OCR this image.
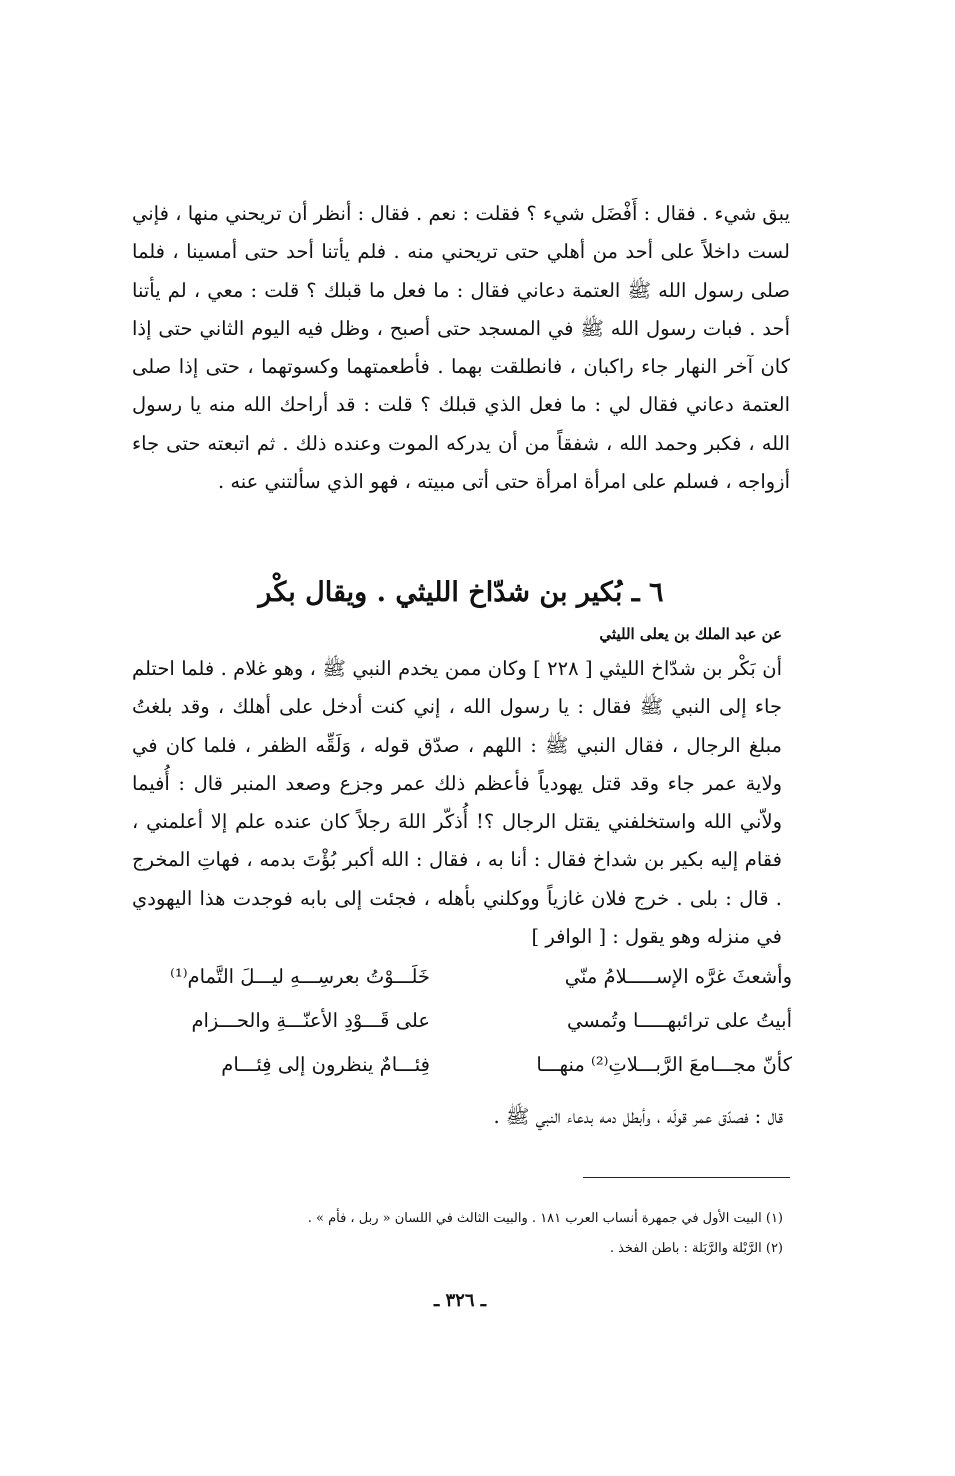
يبق شيء . فقال : أَفْضَل شيء ؟ فقلت : نعم . فقال : أنظر أن تريحني منها ، فإني لست داخلاً على أحد من أهلي حتى تريحني منه . فلم يأتنا أحد حتى أمسينا ، فلما صلى رسول الله ﷺ العتمة دعاني فقال : ما فعل ما قبلك ؟ قلت : معي ، لم يأتنا أحد . فبات رسول الله ﷺ في المسجد حتى أصبح ، وظل فيه اليوم الثاني حتى إذا كان آخر النهار جاء راكبان ، فانطلقت بهما . فأطعمتهما وكسوتهما ، حتى إذا صلى العتمة دعاني فقال لي : ما فعل الذي قبلك ؟ قلت : قد أراحك الله منه يا رسول الله ، فكبر وحمد الله ، شفقاً من أن يدركه الموت وعنده ذلك . ثم اتبعته حتى جاء أزواجه ، فسلم على امرأة امرأة حتى أتى مبيته ، فهو الذي سألتني عنه .
٦ ـ بُكير بن شدّاخ الليثي . ويقال بكْر
عن عبد الملك بن يعلى الليثي
أن بَكْر بن شدّاخ الليثي [ ٢٢٨ ] وكان ممن يخدم النبي ﷺ ، وهو غلام . فلما احتلم جاء إلى النبي ﷺ فقال : يا رسول الله ، إني كنت أدخل على أهلك ، وقد بلغتُ مبلغ الرجال ، فقال النبي ﷺ : اللهم ، صدّق قوله ، وَلَقِّه الظفر ، فلما كان في ولاية عمر جاء وقد قتل يهودياً فأعظم ذلك عمر وجزع وصعد المنبر قال : أُفيما ولاّني الله واستخلفني يقتل الرجال ؟! أُذكّر اللهَ رجلاً كان عنده علم إلا أعلمني ، فقام إليه بكير بن شداخ فقال : أنا به ، فقال : الله أكبر بُؤْتَ بدمه ، فهاتِ المخرج . قال : بلى . خرج فلان غازياً ووكلني بأهله ، فجئت إلى بابه فوجدت هذا اليهودي في منزله وهو يقول : [ الوافر ]
وأشعثَ غرَّه الإســـــلامُ منّي
خَلَـــوْتُ بعرسِـــهِ ليـــلَ التَّمام⁽¹⁾
أبيتُ على ترائبهـــــا وتُمسي
على قَـــوْدِ الأعنّـــةِ والحـــزام
كأنّ مجـــامعَ الرَّبـــلاتِ⁽²⁾ منهـــا
فِئـــامٌ ينظرون إلى فِئـــام
قال : فصدّق عمر قولَه ، وأبطل دمه بدعاء النبي ﷺ .
(١) البيت الأول في جمهرة أنساب العرب ١٨١ . والبيت الثالث في اللسان « ربل ، فأم » .
(٢) الرَّبْلة والرَّبَلة : باطن الفخذ .
ـ ٣٢٦ ـ
